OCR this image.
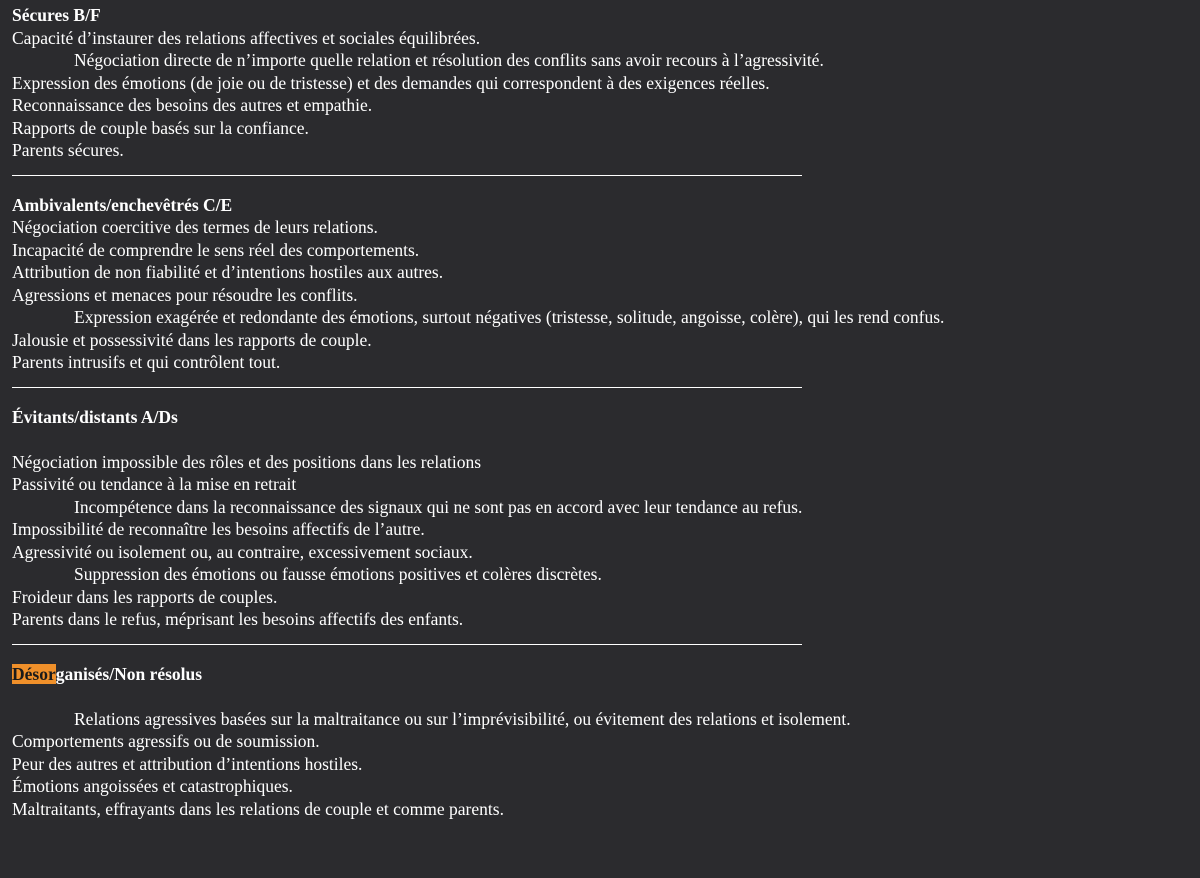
Sécures B/F
Capacité d’instaurer des relations affectives et sociales équilibrées.
Négociation directe de n’importe quelle relation et résolution des conflits sans avoir recours à l’agressivité.
Expression des émotions (de joie ou de tristesse) et des demandes qui correspondent à des exigences réelles.
Reconnaissance des besoins des autres et empathie.
Rapports de couple basés sur la confiance.
Parents sécures.
Ambivalents/enchevêtrés C/E
Négociation coercitive des termes de leurs relations.
Incapacité de comprendre le sens réel des comportements.
Attribution de non fiabilité et d’intentions hostiles aux autres.
Agressions et menaces pour résoudre les conflits.
Expression exagérée et redondante des émotions, surtout négatives (tristesse, solitude, angoisse, colère), qui les rend confus.
Jalousie et possessivité dans les rapports de couple.
Parents intrusifs et qui contrôlent tout.
Évitants/distants A/Ds
Négociation impossible des rôles et des positions dans les relations
Passivité ou tendance à la mise en retrait
Incompétence dans la reconnaissance des signaux qui ne sont pas en accord avec leur tendance au refus.
Impossibilité de reconnaître les besoins affectifs de l’autre.
Agressivité ou isolement ou, au contraire, excessivement sociaux.
Suppression des émotions ou fausse émotions positives et colères discrètes.
Froideur dans les rapports de couples.
Parents dans le refus, méprisant les besoins affectifs des enfants.
Désorganisés/Non résolus
Relations agressives basées sur la maltraitance ou sur l’imprévisibilité, ou évitement des relations et isolement.
Comportements agressifs ou de soumission.
Peur des autres et attribution d’intentions hostiles.
Émotions angoissées et catastrophiques.
Maltraitants, effrayants dans les relations de couple et comme parents.
